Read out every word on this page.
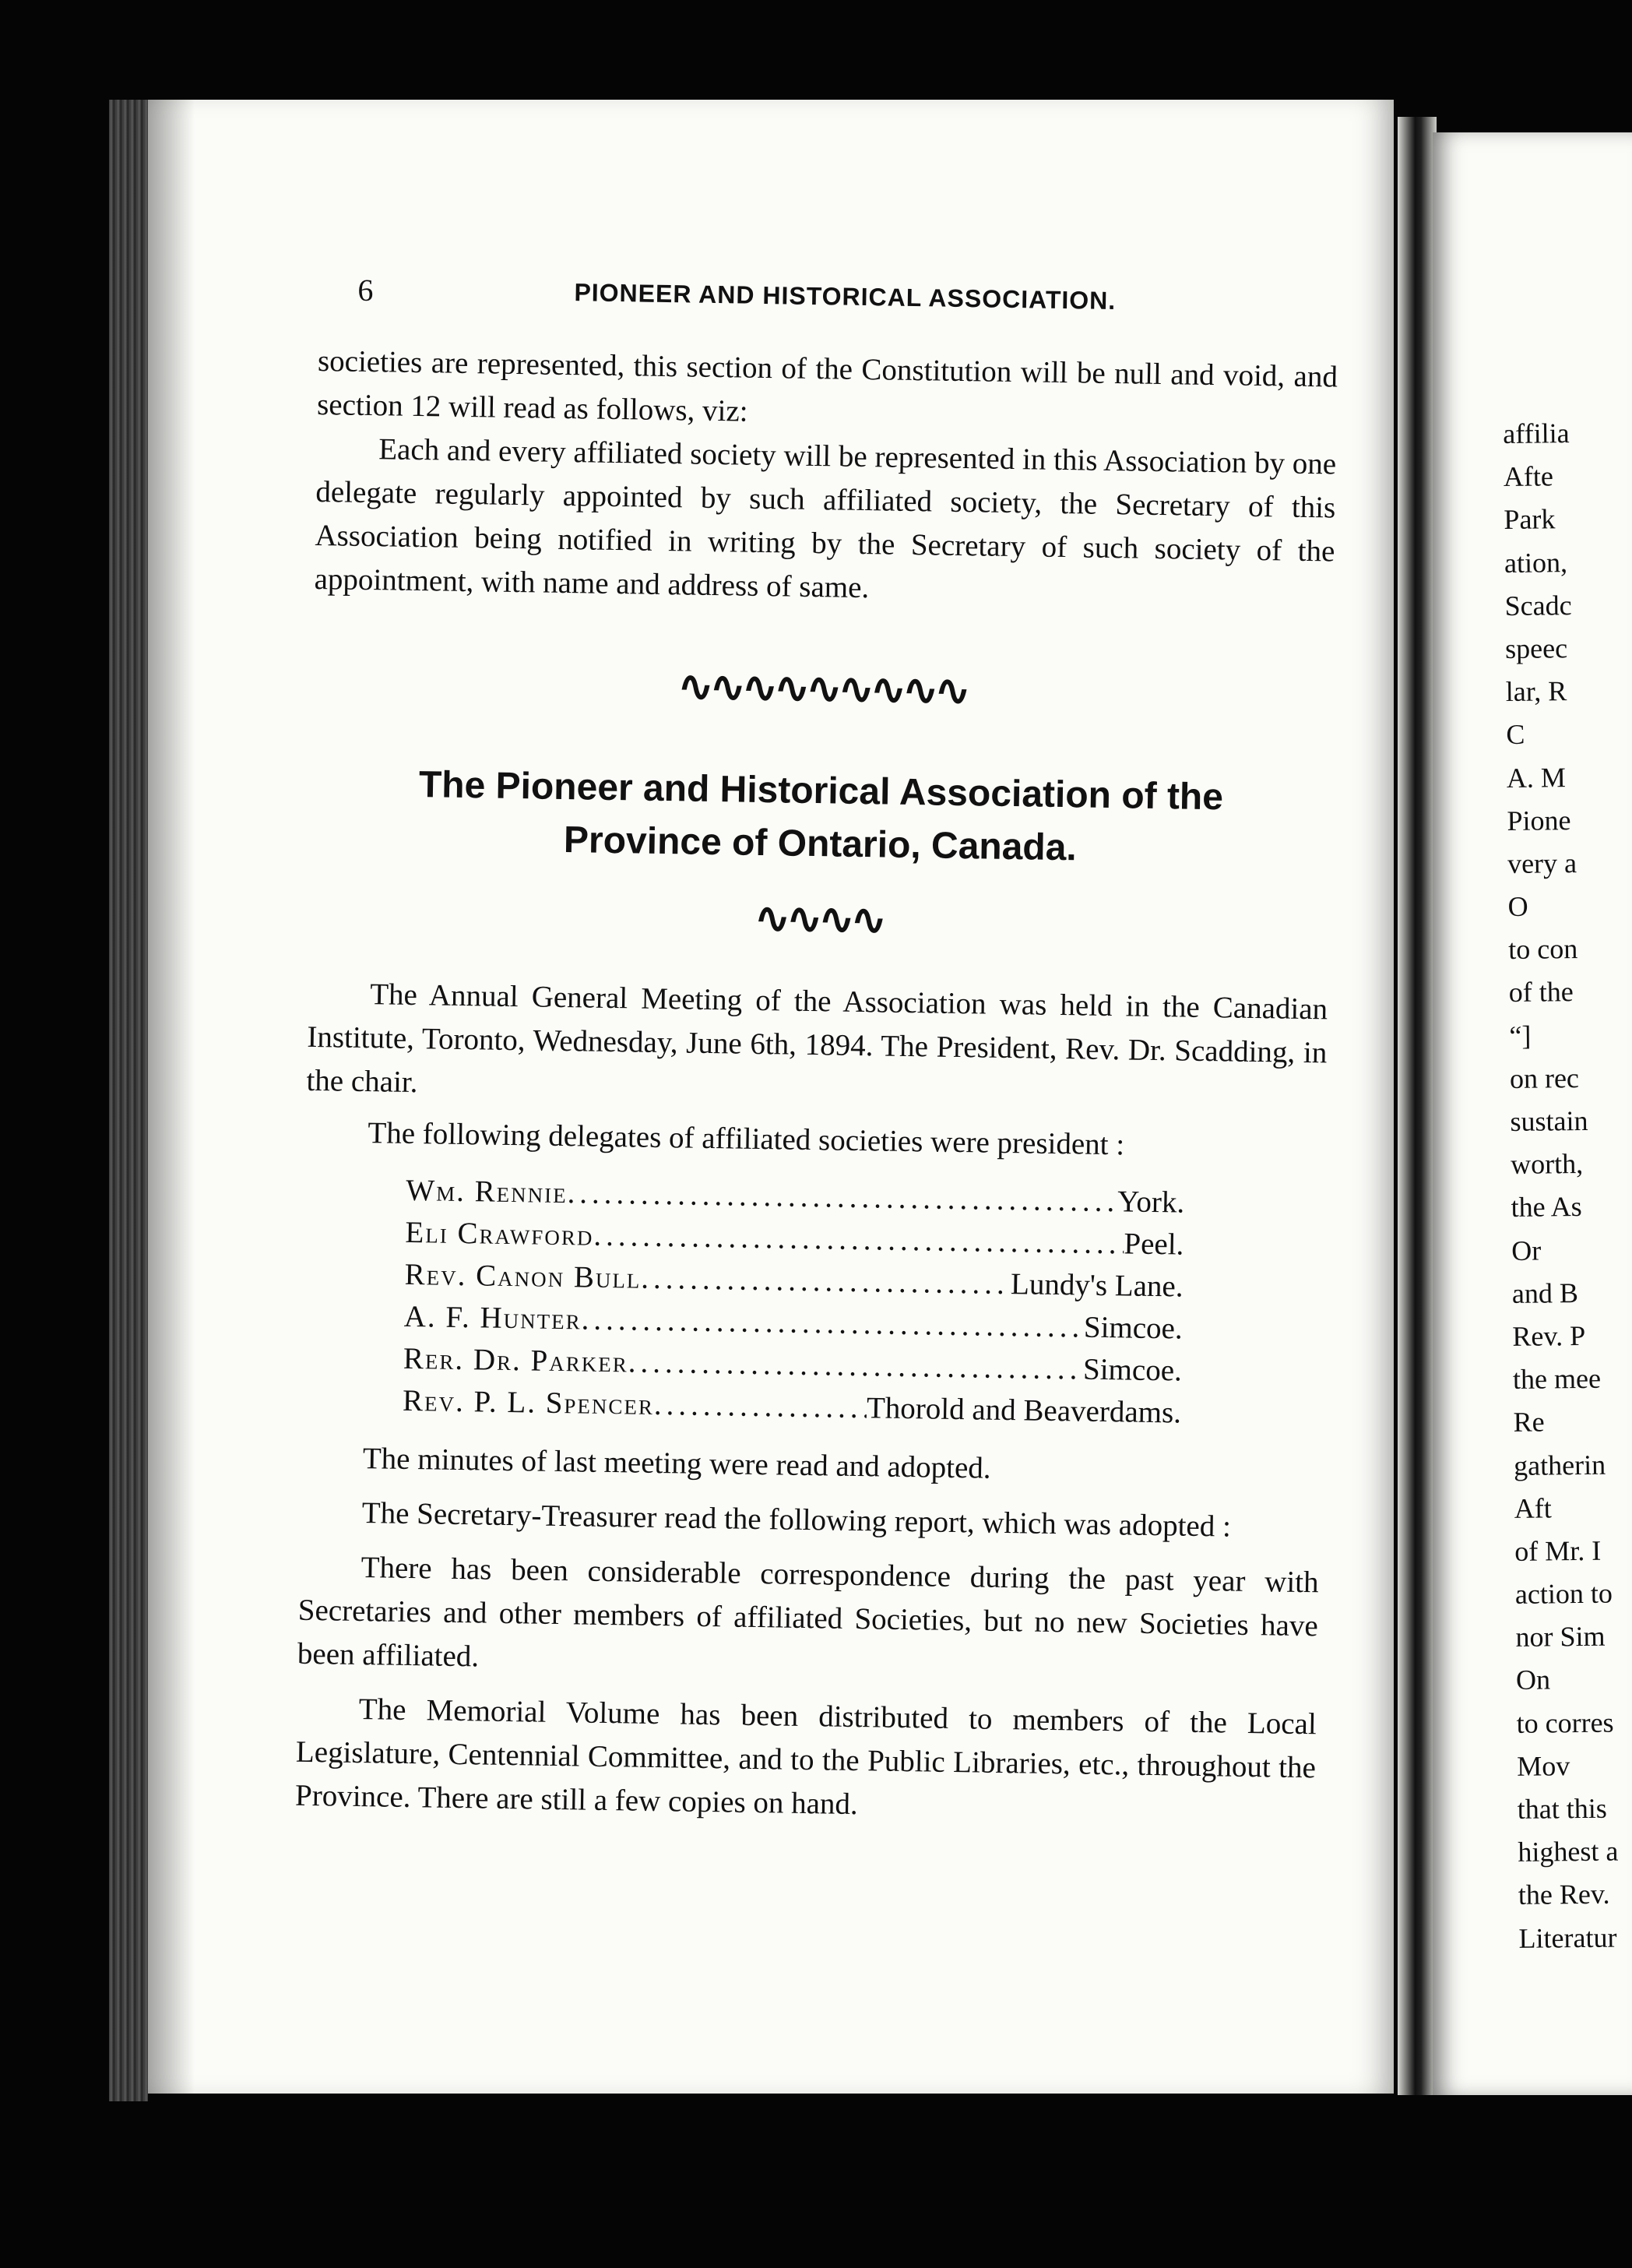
6	PIONEER AND HISTORICAL ASSOCIATION.

societies are represented, this section of the Constitution will be null and void, and section 12 will read as follows, viz:

Each and every affiliated society will be represented in this Association by one delegate regularly appointed by such affiliated society, the Secretary of this Association being notified in writing by the Secretary of such society of the appointment, with name and address of same.

∿∿∿∿∿∿∿∿∿
The Pioneer and Historical Association of the
Province of Ontario, Canada.
∿∿∿∿

The Annual General Meeting of the Association was held in the Canadian Institute, Toronto, Wednesday, June 6th, 1894. The President, Rev. Dr. Scadding, in the chair.

The following delegates of affiliated societies were president :

Wm. Rennie .....	York.
Eli Crawford .....	Peel.
Rev. Canon Bull .....	Lundy's Lane.
A. F. Hunter .....	Simcoe.
Rer. Dr. Parker .....	Simcoe.
Rev. P. L. Spencer .....	Thorold and Beaverdams.

The minutes of last meeting were read and adopted.

The Secretary-Treasurer read the following report, which was adopted :

There has been considerable correspondence during the past year with Secretaries and other members of affiliated Societies, but no new Societies have been affiliated.

The Memorial Volume has been distributed to members of the Local Legislature, Centennial Committee, and to the Public Libraries, etc., throughout the Province. There are still a few copies on hand.

affilia
Afte
Park
ation,
Scadc
speec
lar, R
C
A. M
Pione
very a
O
to con
of the
“]
on rec
sustain
worth,
the As
Or
and B
Rev. P
the mee
Re
gatherin
Aft
of Mr. I
action to
nor Sim
On
to corres
Mov
that this
highest a
the Rev.
Literatur
